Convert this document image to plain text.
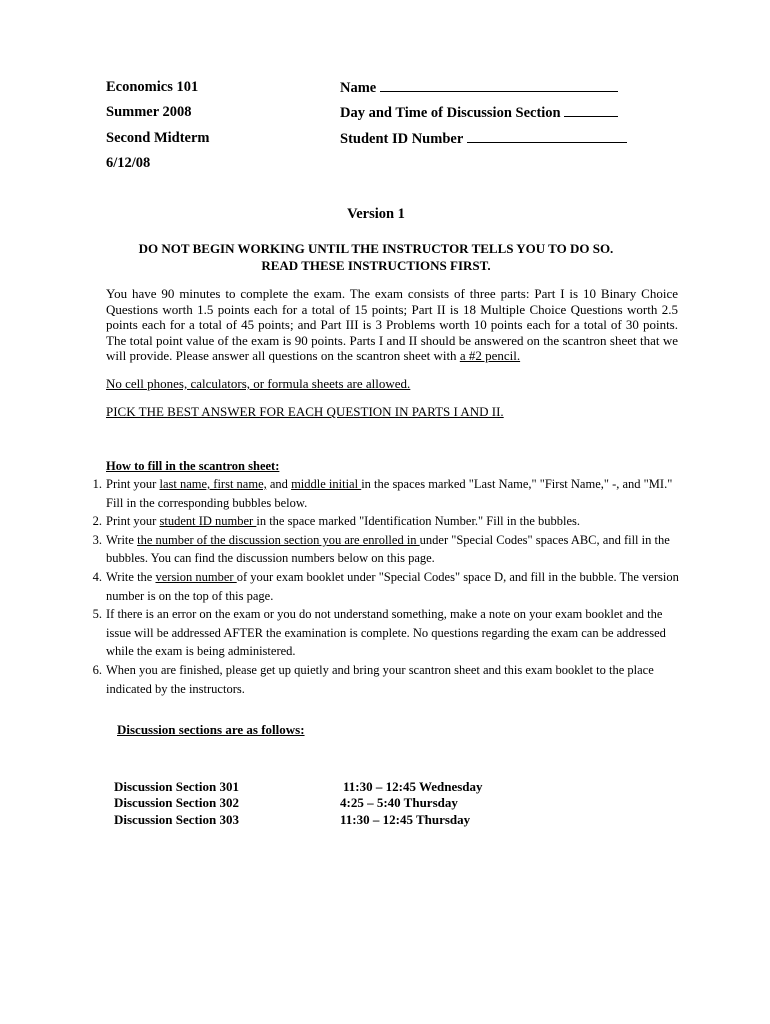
Economics 101
Summer 2008
Second Midterm
6/12/08
Name
Day and Time of Discussion Section
Student ID Number
Version 1
DO NOT BEGIN WORKING UNTIL THE INSTRUCTOR TELLS YOU TO DO SO.
READ THESE INSTRUCTIONS FIRST.
You have 90 minutes to complete the exam. The exam consists of three parts: Part I is 10 Binary Choice Questions worth 1.5 points each for a total of 15 points; Part II is 18 Multiple Choice Questions worth 2.5 points each for a total of 45 points; and Part III is 3 Problems worth 10 points each for a total of 30 points. The total point value of the exam is 90 points. Parts I and II should be answered on the scantron sheet that we will provide. Please answer all questions on the scantron sheet with a #2 pencil.
No cell phones, calculators, or formula sheets are allowed.
PICK THE BEST ANSWER FOR EACH QUESTION IN PARTS I AND II.
How to fill in the scantron sheet:
1. Print your last name, first name, and middle initial in the spaces marked "Last Name," "First Name," -, and "MI." Fill in the corresponding bubbles below.
2. Print your student ID number in the space marked "Identification Number." Fill in the bubbles.
3. Write the number of the discussion section you are enrolled in under "Special Codes" spaces ABC, and fill in the bubbles. You can find the discussion numbers below on this page.
4. Write the version number of your exam booklet under "Special Codes" space D, and fill in the bubble. The version number is on the top of this page.
5. If there is an error on the exam or you do not understand something, make a note on your exam booklet and the issue will be addressed AFTER the examination is complete. No questions regarding the exam can be addressed while the exam is being administered.
6. When you are finished, please get up quietly and bring your scantron sheet and this exam booklet to the place indicated by the instructors.
Discussion sections are as follows:
Discussion Section 301	11:30 – 12:45 Wednesday
Discussion Section 302	4:25 – 5:40 Thursday
Discussion Section 303	11:30 – 12:45 Thursday
